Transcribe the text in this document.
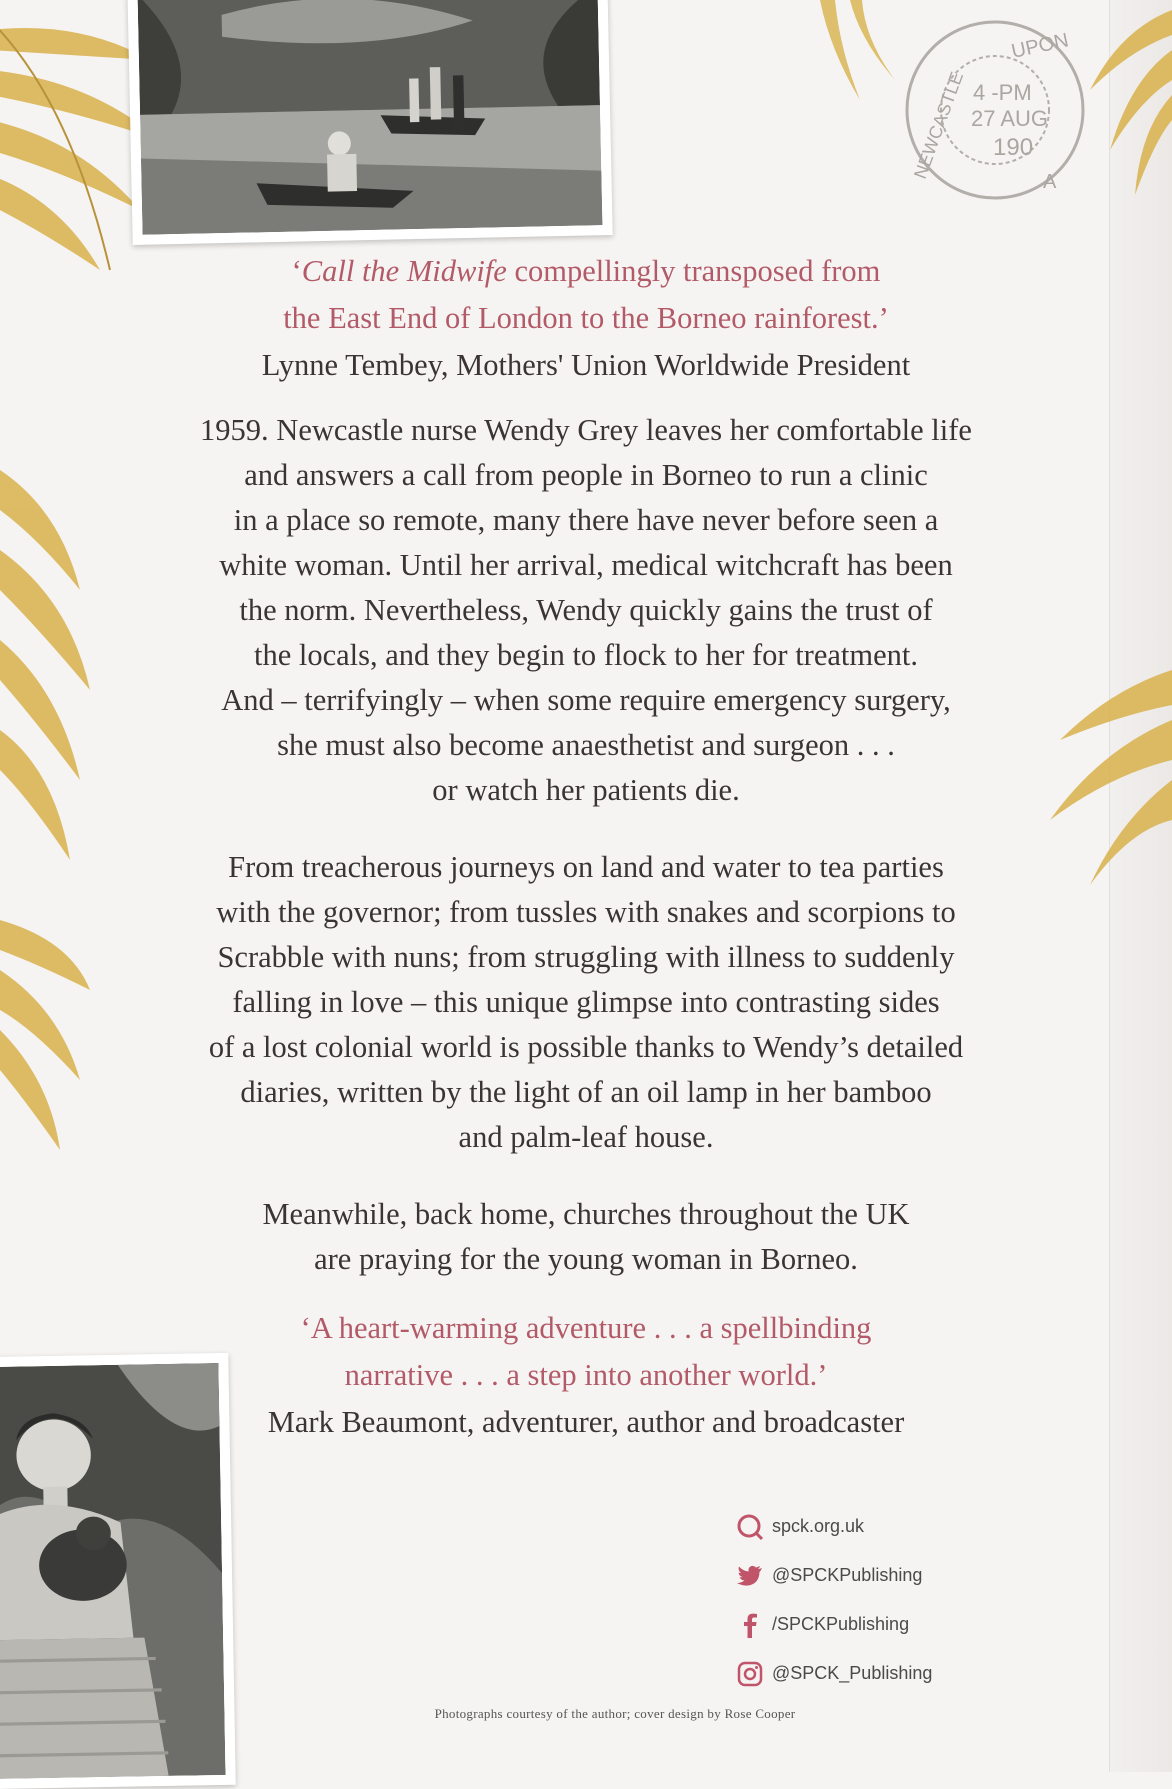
UPON
4 -PM
27 AUG
190
A
NEWCASTLE
‘Call the Midwife compellingly transposed from
the East End of London to the Borneo rainforest.’
Lynne Tembey, Mothers' Union Worldwide President

1959. Newcastle nurse Wendy Grey leaves her comfortable life

and answers a call from people in Borneo to run a clinic

in a place so remote, many there have never before seen a

white woman. Until her arrival, medical witchcraft has been

the norm. Nevertheless, Wendy quickly gains the trust of

the locals, and they begin to flock to her for treatment.

And – terrifyingly – when some require emergency surgery,

she must also become anaesthetist and surgeon . . .

or watch her patients die.

From treacherous journeys on land and water to tea parties

with the governor; from tussles with snakes and scorpions to

Scrabble with nuns; from struggling with illness to suddenly

falling in love – this unique glimpse into contrasting sides

of a lost colonial world is possible thanks to Wendy’s detailed

diaries, written by the light of an oil lamp in her bamboo

and palm-leaf house.

Meanwhile, back home, churches throughout the UK

are praying for the young woman in Borneo.

‘A heart-warming adventure . . . a spellbinding
narrative . . . a step into another world.’
Mark Beaumont, adventurer, author and broadcaster
spck.org.uk
@SPCKPublishing
/SPCKPublishing
@SPCK_Publishing
Photographs courtesy of the author; cover design by Rose Cooper
